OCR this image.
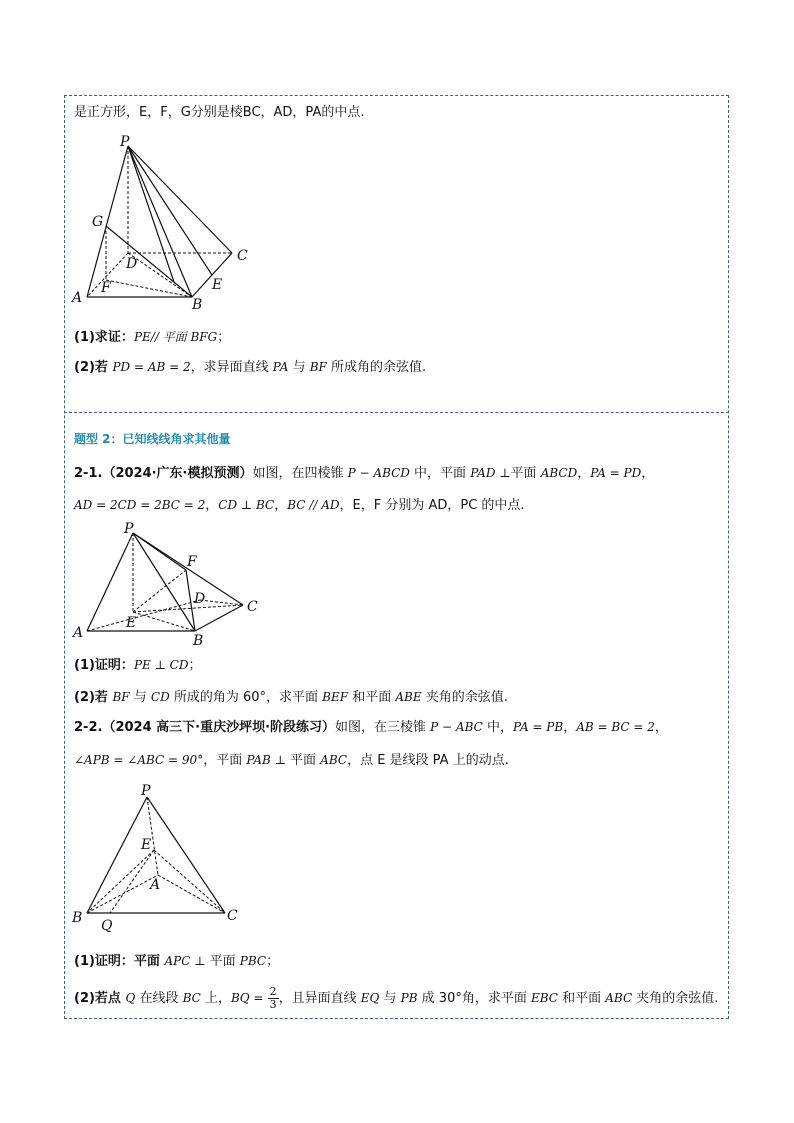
是正方形，E，F，G分别是棱BC，AD，PA的中点.
P
G
D	C
A
F
B
E
(1)求证：PE// 平面 BFG；
(2)若 PD = AB = 2，求异面直线 PA 与 BF 所成角的余弦值.
题型 2：已知线线角求其他量
2-1.（2024·广东·模拟预测）如图，在四棱锥 P − ABCD 中，平面 PAD ⊥平面 ABCD，PA = PD，
AD = 2CD = 2BC = 2，CD ⊥ BC，BC // AD，E，F 分别为 AD，PC 的中点.
P
F
D	C
A
E
B
(1)证明：PE ⊥ CD；
(2)若 BF 与 CD 所成的角为 60°，求平面 BEF 和平面 ABE 夹角的余弦值.
2-2.（2024 高三下·重庆沙坪坝·阶段练习）如图，在三棱锥 P − ABC 中，PA = PB，AB = BC = 2，
∠APB = ∠ABC = 90°，平面 PAB ⊥ 平面 ABC，点 E 是线段 PA 上的动点.
P
E
A
B	C
Q
(1)证明：平面 APC ⊥ 平面 PBC；
(2)若点 Q 在线段 BC 上，BQ = $\frac{2}{3}$ ，且异面直线 EQ 与 PB 成 30°角，求平面 EBC 和平面 ABC 夹角的余弦值.
